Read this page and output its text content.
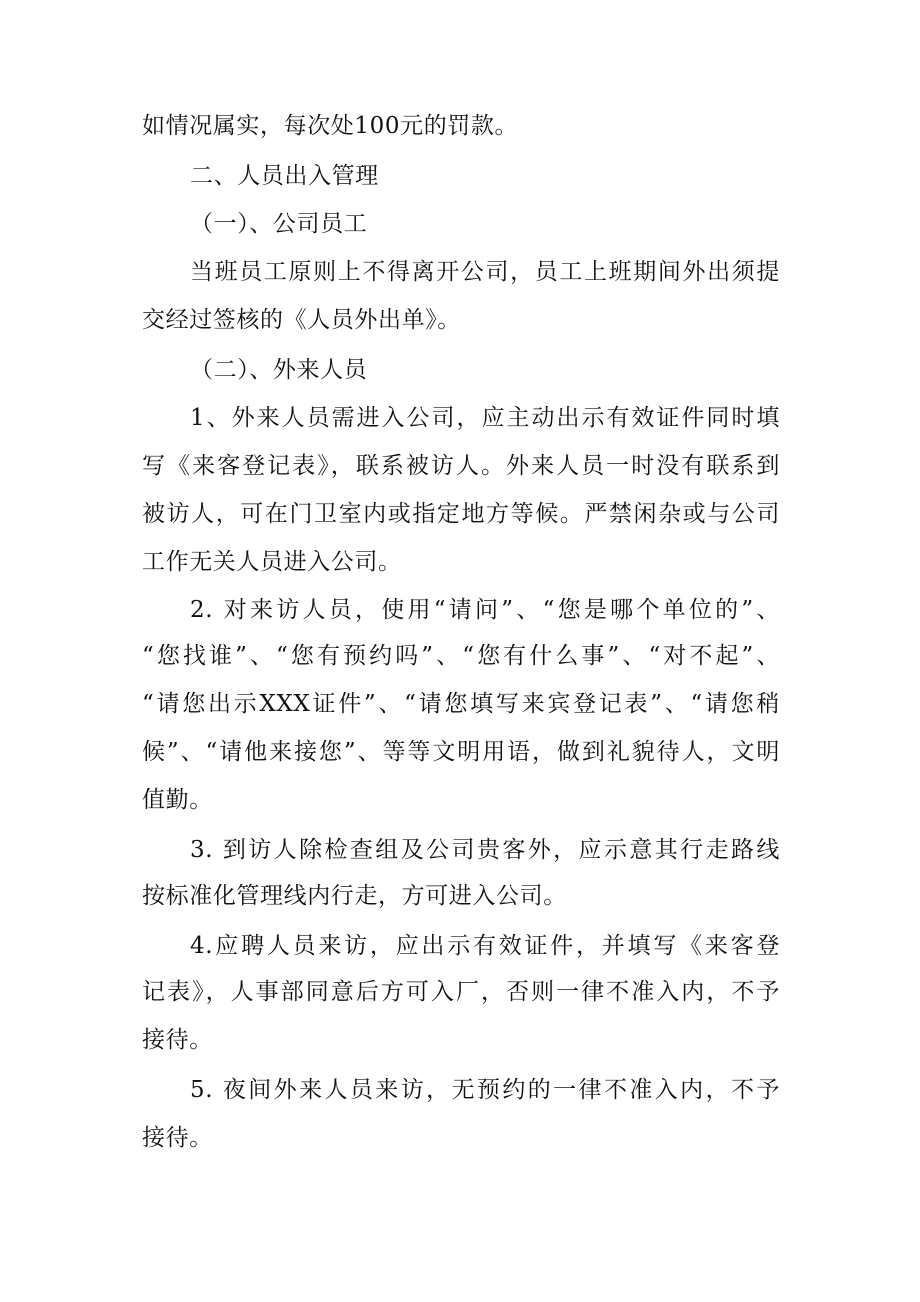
如情况属实，每次处100元的罚款。
二、人员出入管理
（一）、公司员工
当班员工原则上不得离开公司，员工上班期间外出须提
交经过签核的《人员外出单》。
（二）、外来人员
1、外来人员需进入公司，应主动出示有效证件同时填
写《来客登记表》，联系被访人。外来人员一时没有联系到
被访人，可在门卫室内或指定地方等候。严禁闲杂或与公司
工作无关人员进入公司。
2. 对来访人员，使用“请问”、“您是哪个单位的”、
“您找谁”、“您有预约吗”、“您有什么事”、“对不起”、
“请您出示XXX证件”、“请您填写来宾登记表”、“请您稍
候”、“请他来接您”、等等文明用语，做到礼貌待人，文明
值勤。
3. 到访人除检查组及公司贵客外，应示意其行走路线
按标准化管理线内行走，方可进入公司。
4.应聘人员来访，应出示有效证件，并填写《来客登
记表》，人事部同意后方可入厂，否则一律不准入内，不予
接待。
5. 夜间外来人员来访，无预约的一律不准入内，不予
接待。
